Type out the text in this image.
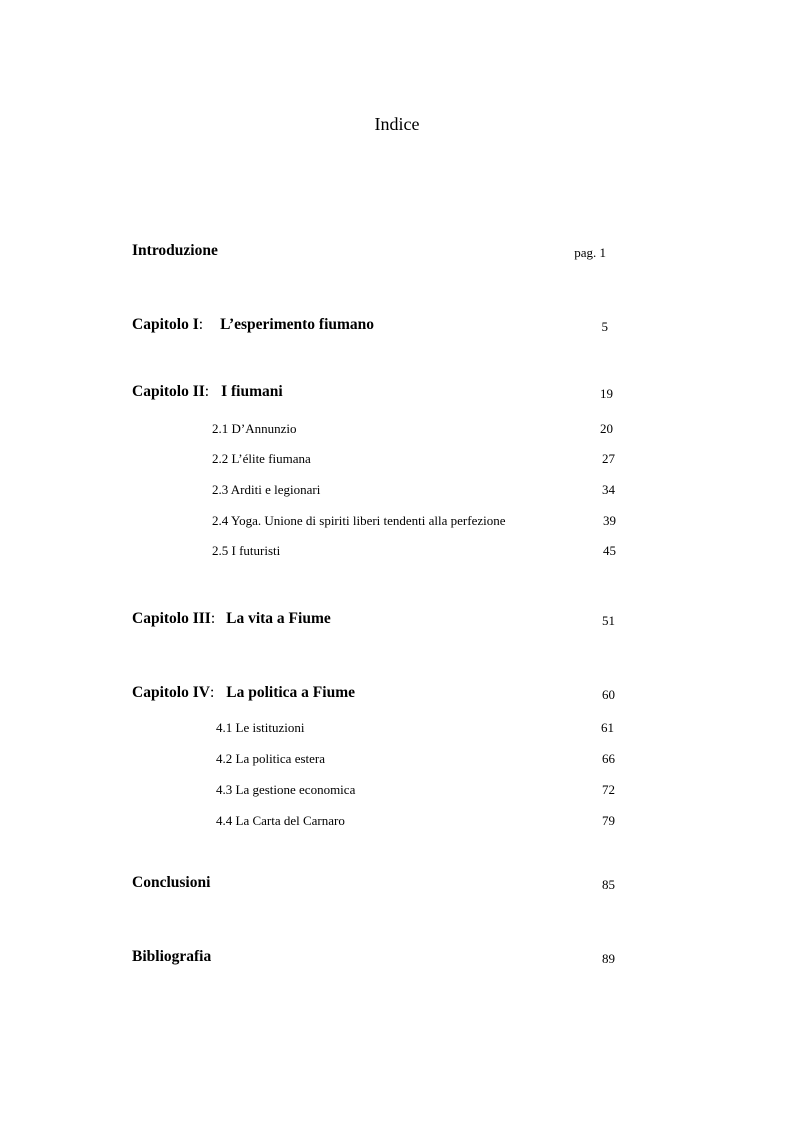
Indice
Introduzione	pag. 1
Capitolo I: L’esperimento fiumano	5
Capitolo II: I fiumani	19
2.1 D’Annunzio	20
2.2 L’élite fiumana	27
2.3 Arditi e legionari	34
2.4 Yoga. Unione di spiriti liberi tendenti alla perfezione	39
2.5 I futuristi	45
Capitolo III: La vita a Fiume	51
Capitolo IV: La politica a Fiume	60
4.1 Le istituzioni	61
4.2 La politica estera	66
4.3 La gestione economica	72
4.4 La Carta del Carnaro	79
Conclusioni	85
Bibliografia	89
